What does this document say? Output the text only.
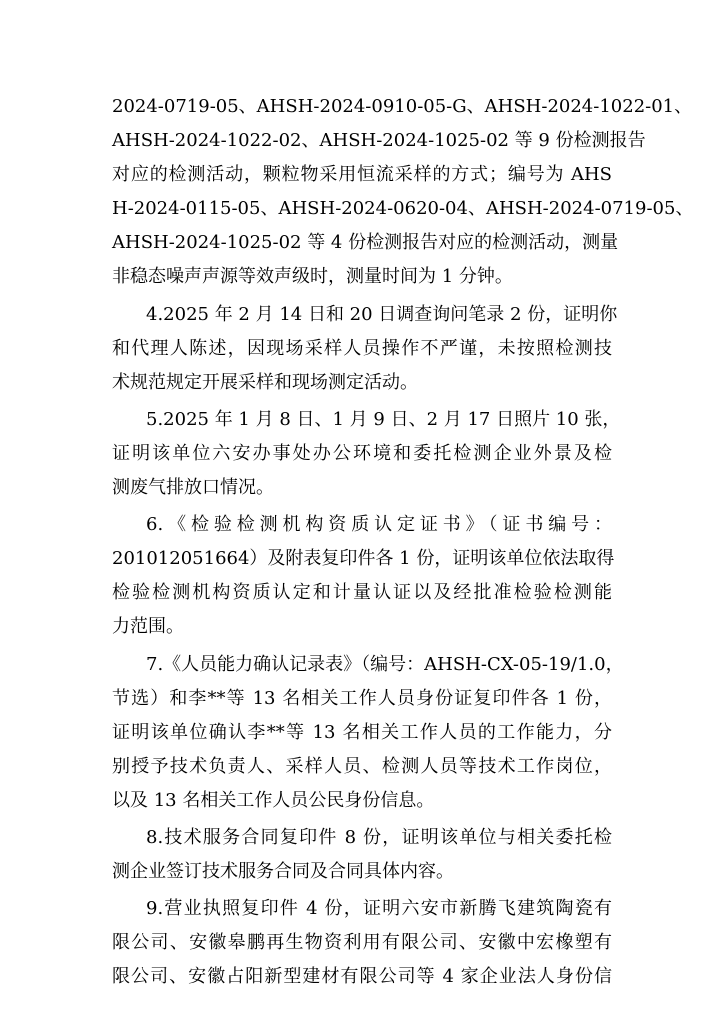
2024-0719-05、AHSH-2024-0910-05-G、AHSH-2024-1022-01、
AHSH-2024-1022-02、AHSH-2024-1025-02 等 9 份检测报告
对应的检测活动，颗粒物采用恒流采样的方式；编号为 AHS
H-2024-0115-05、AHSH-2024-0620-04、AHSH-2024-0719-05、
AHSH-2024-1025-02 等 4 份检测报告对应的检测活动，测量
非稳态噪声声源等效声级时，测量时间为 1 分钟。
4.2025 年 2 月 14 日和 20 日调查询问笔录 2 份，证明你
和代理人陈述，因现场采样人员操作不严谨，未按照检测技
术规范规定开展采样和现场测定活动。
5.2025 年 1 月 8 日、1 月 9 日、2 月 17 日照片 10 张，
证明该单位六安办事处办公环境和委托检测企业外景及检
测废气排放口情况。
6.《检验检测机构资质认定证书》（证书编号：
201012051664）及附表复印件各 1 份，证明该单位依法取得
检验检测机构资质认定和计量认证以及经批准检验检测能
力范围。
7.《人员能力确认记录表》（编号：AHSH-CX-05-19/1.0，
节选）和李**等 13 名相关工作人员身份证复印件各 1 份，
证明该单位确认李**等 13 名相关工作人员的工作能力，分
别授予技术负责人、采样人员、检测人员等技术工作岗位，
以及 13 名相关工作人员公民身份信息。
8.技术服务合同复印件 8 份，证明该单位与相关委托检
测企业签订技术服务合同及合同具体内容。
9.营业执照复印件 4 份，证明六安市新腾飞建筑陶瓷有
限公司、安徽皋鹏再生物资利用有限公司、安徽中宏橡塑有
限公司、安徽占阳新型建材有限公司等 4 家企业法人身份信
